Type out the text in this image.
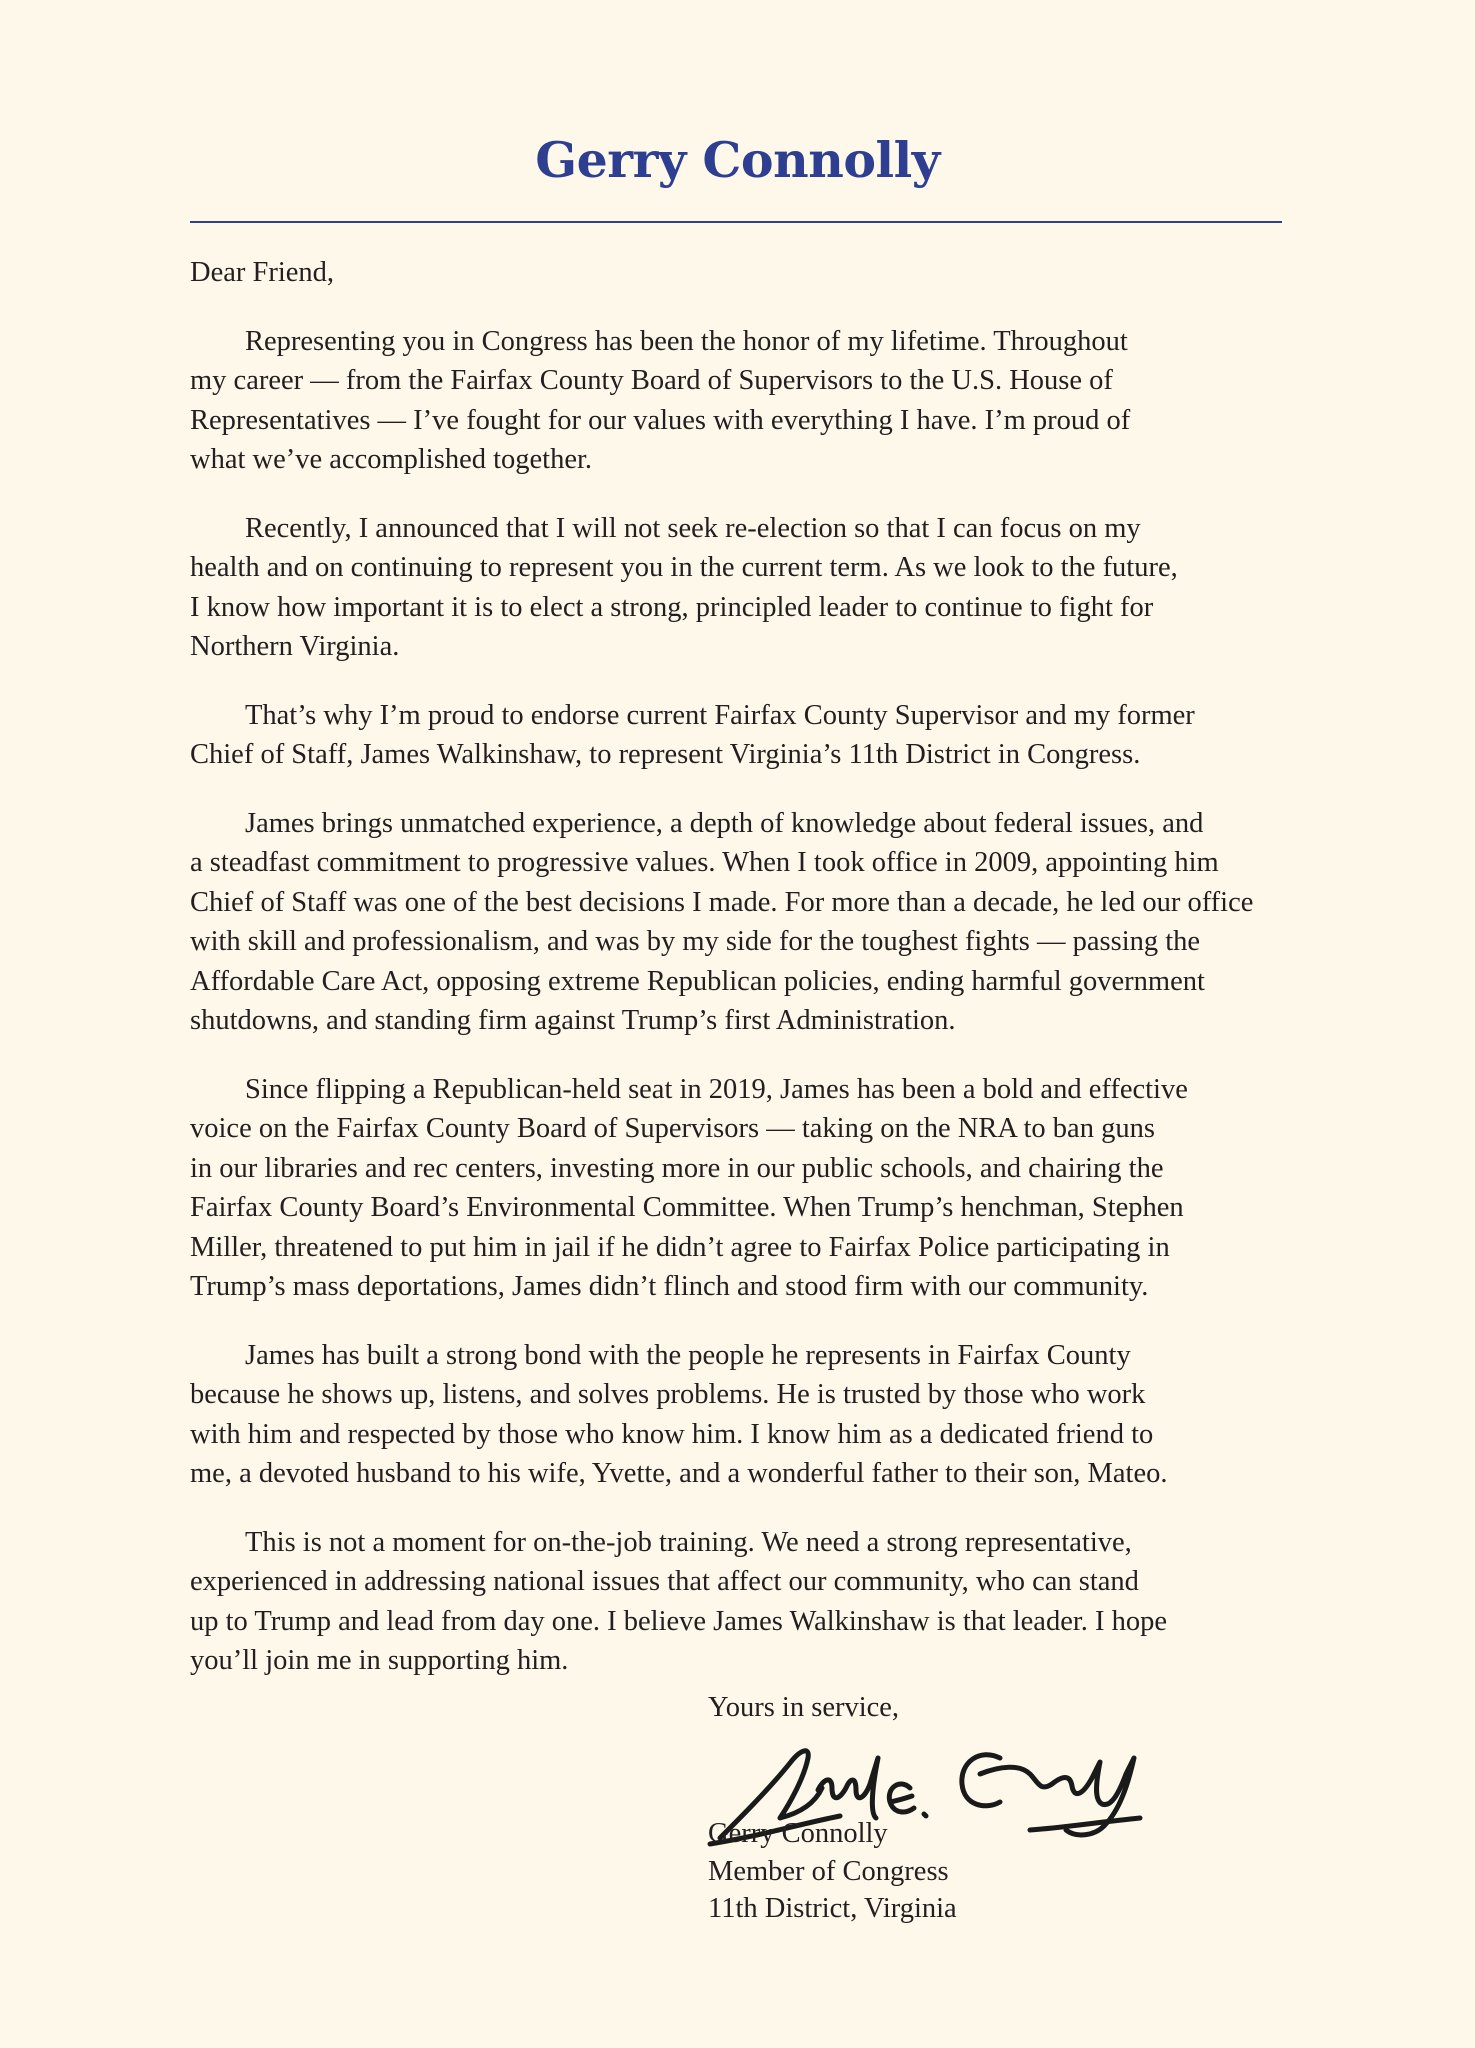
Gerry Connolly
Dear Friend,
Representing you in Congress has been the honor of my lifetime. Throughout
my career — from the Fairfax County Board of Supervisors to the U.S. House of
Representatives — I’ve fought for our values with everything I have. I’m proud of
what we’ve accomplished together.
Recently, I announced that I will not seek re-election so that I can focus on my
health and on continuing to represent you in the current term. As we look to the future,
I know how important it is to elect a strong, principled leader to continue to fight for
Northern Virginia.
That’s why I’m proud to endorse current Fairfax County Supervisor and my former
Chief of Staff, James Walkinshaw, to represent Virginia’s 11th District in Congress.
James brings unmatched experience, a depth of knowledge about federal issues, and
a steadfast commitment to progressive values. When I took office in 2009, appointing him
Chief of Staff was one of the best decisions I made. For more than a decade, he led our office
with skill and professionalism, and was by my side for the toughest fights — passing the
Affordable Care Act, opposing extreme Republican policies, ending harmful government
shutdowns, and standing firm against Trump’s first Administration.
Since flipping a Republican-held seat in 2019, James has been a bold and effective
voice on the Fairfax County Board of Supervisors — taking on the NRA to ban guns
in our libraries and rec centers, investing more in our public schools, and chairing the
Fairfax County Board’s Environmental Committee. When Trump’s henchman, Stephen
Miller, threatened to put him in jail if he didn’t agree to Fairfax Police participating in
Trump’s mass deportations, James didn’t flinch and stood firm with our community.
James has built a strong bond with the people he represents in Fairfax County
because he shows up, listens, and solves problems. He is trusted by those who work
with him and respected by those who know him. I know him as a dedicated friend to
me, a devoted husband to his wife, Yvette, and a wonderful father to their son, Mateo.
This is not a moment for on-the-job training. We need a strong representative,
experienced in addressing national issues that affect our community, who can stand
up to Trump and lead from day one. I believe James Walkinshaw is that leader. I hope
you’ll join me in supporting him.
Yours in service,
Gerry Connolly
Member of Congress
11th District, Virginia
